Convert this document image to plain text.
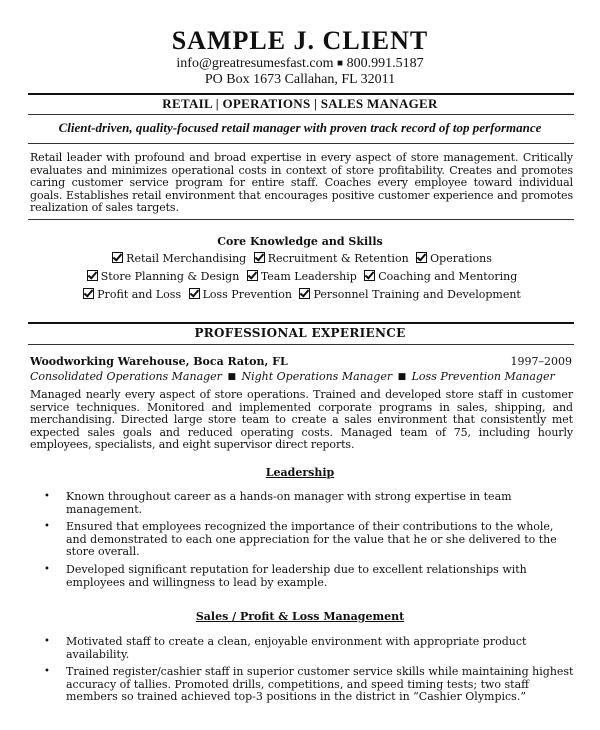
SAMPLE J. CLIENT
info@greatresumesfast.com ■ 800.991.5187
PO Box 1673 Callahan, FL 32011
RETAIL | OPERATIONS | SALES MANAGER
Client-driven, quality-focused retail manager with proven track record of top performance
Retail leader with profound and broad expertise in every aspect of store management. Critically evaluates and minimizes operational costs in context of store profitability. Creates and promotes caring customer service program for entire staff. Coaches every employee toward individual goals. Establishes retail environment that encourages positive customer experience and promotes realization of sales targets.
Core Knowledge and Skills
Retail Merchandising Recruitment & Retention Operations
Store Planning & Design Team Leadership Coaching and Mentoring
Profit and Loss Loss Prevention Personnel Training and Development
PROFESSIONAL EXPERIENCE
Woodworking Warehouse, Boca Raton, FL	1997–2009
Consolidated Operations Manager ■ Night Operations Manager ■ Loss Prevention Manager
Managed nearly every aspect of store operations. Trained and developed store staff in customer service techniques. Monitored and implemented corporate programs in sales, shipping, and merchandising. Directed large store team to create a sales environment that consistently met expected sales goals and reduced operating costs. Managed team of 75, including hourly employees, specialists, and eight supervisor direct reports.
Leadership
• Known throughout career as a hands-on manager with strong expertise in team management.
• Ensured that employees recognized the importance of their contributions to the whole, and demonstrated to each one appreciation for the value that he or she delivered to the store overall.
• Developed significant reputation for leadership due to excellent relationships with employees and willingness to lead by example.
Sales / Profit & Loss Management
• Motivated staff to create a clean, enjoyable environment with appropriate product availability.
• Trained register/cashier staff in superior customer service skills while maintaining highest accuracy of tallies. Promoted drills, competitions, and speed timing tests; two staff members so trained achieved top-3 positions in the district in “Cashier Olympics.”
